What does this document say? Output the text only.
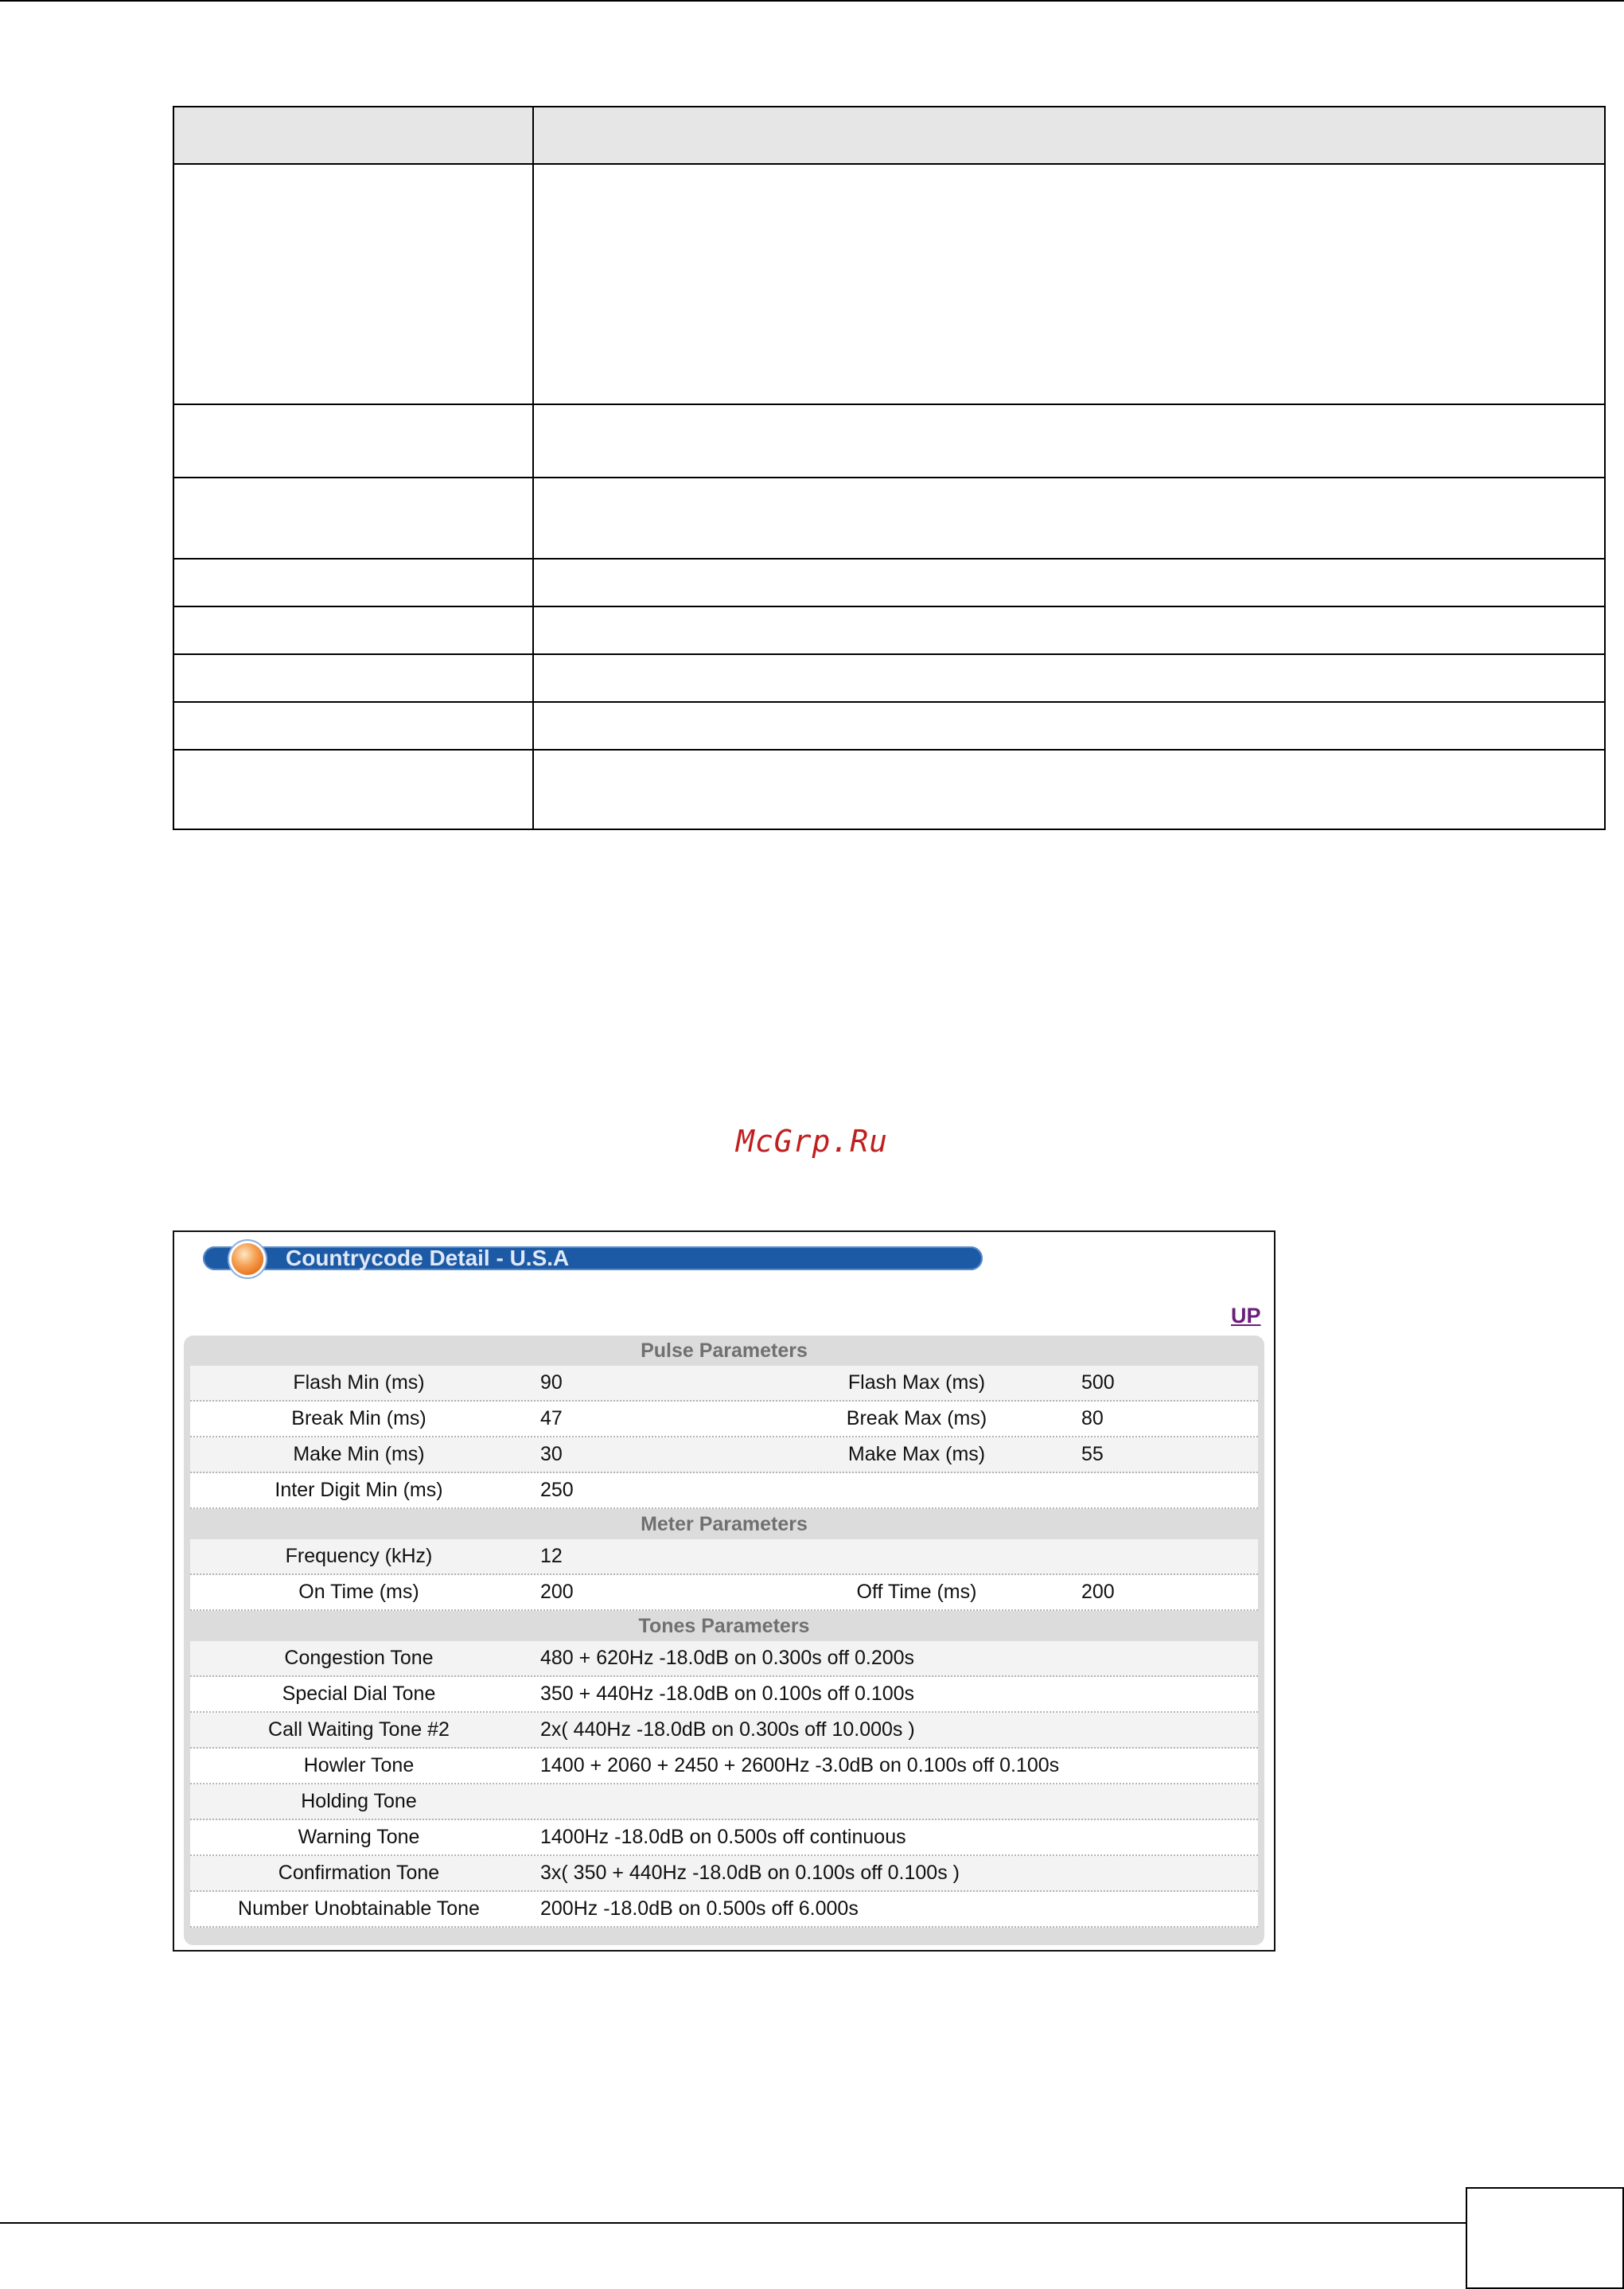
McGrp.Ru
Countrycode Detail - U.S.A
UP
Pulse Parameters
Flash Min (ms)	90	Flash Max (ms)	500
Break Min (ms)	47	Break Max (ms)	80
Make Min (ms)	30	Make Max (ms)	55
Inter Digit Min (ms)	250
Meter Parameters
Frequency (kHz)	12
On Time (ms)	200	Off Time (ms)	200
Tones Parameters
Congestion Tone	480 + 620Hz -18.0dB on 0.300s off 0.200s
Special Dial Tone	350 + 440Hz -18.0dB on 0.100s off 0.100s
Call Waiting Tone #2	2x( 440Hz -18.0dB on 0.300s off 10.000s )
Howler Tone	1400 + 2060 + 2450 + 2600Hz -3.0dB on 0.100s off 0.100s
Holding Tone
Warning Tone	1400Hz -18.0dB on 0.500s off continuous
Confirmation Tone	3x( 350 + 440Hz -18.0dB on 0.100s off 0.100s )
Number Unobtainable Tone	200Hz -18.0dB on 0.500s off 6.000s
